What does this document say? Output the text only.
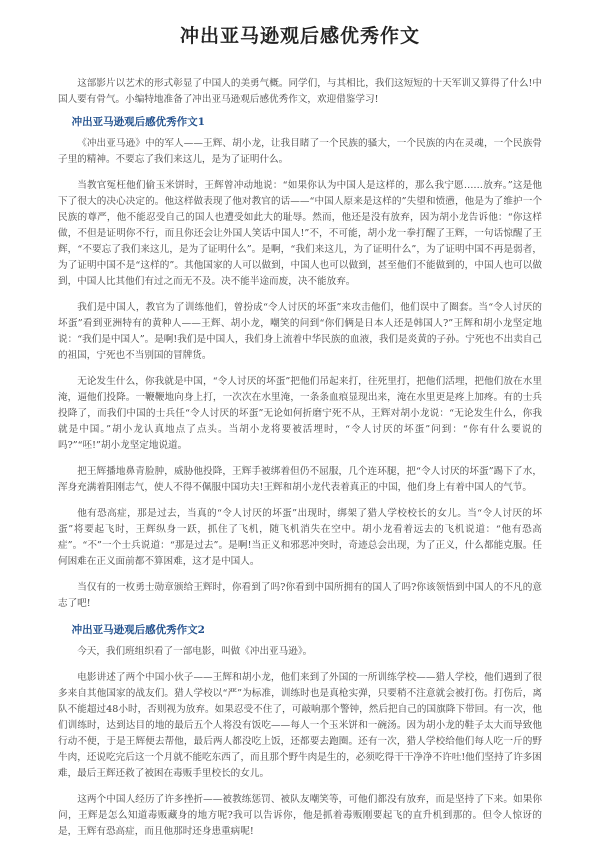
冲出亚马逊观后感优秀作文

这部影片以艺术的形式彰显了中国人的美勇气概。同学们，与其相比，我们这短短的十天军训又算得了什么!中国人要有骨气。小编特地准备了冲出亚马逊观后感优秀作文，欢迎借鉴学习!

冲出亚马逊观后感优秀作文1

《冲出亚马逊》中的军人——王辉、胡小龙，让我目睹了一个民族的骚大，一个民族的内在灵魂，一个民族骨子里的精神。不要忘了我们来这儿，是为了证明什么。

当教官冤枉他们偷玉米饼时，王辉曾冲动地说：“如果你认为中国人是这样的，那么我宁愿……放弃。”这是他下了很大的决心决定的。他这样做表现了他对教官的话——“中国人原来是这样的”失望和愤懑，他是为了维护一个民族的尊严，他不能忍受自己的国人也遭受如此大的耻辱。然而，他还是没有放弃，因为胡小龙告诉他：“你这样做，不但是证明你不行，而且你还会让外国人笑话中国人!”不，不可能，胡小龙一拳打醒了王辉，一句话惊醒了王辉，“不要忘了我们来这儿，是为了证明什么”。是啊，“我们来这儿，为了证明什么”，为了证明中国不再是弱者，为了证明中国不是“这样的”。其他国家的人可以做到，中国人也可以做到，甚至他们不能做到的，中国人也可以做到，中国人比其他们有过之而无不及。决不能半途而废，决不能放弃。

我们是中国人，教官为了训练他们，曾扮成“令人讨厌的坏蛋”来攻击他们，他们误中了圈套。当“令人讨厌的坏蛋”看到亚洲特有的黄种人——王辉、胡小龙，嘲笑的问到“你们俩是日本人还是韩国人?”王辉和胡小龙坚定地说：“我们是中国人”。是啊!我们是中国人，我们身上流着中华民族的血液，我们是炎黄的子孙。宁死也不出卖自己的祖国，宁死也不当别国的冒牌货。

无论发生什么，你我就是中国，“令人讨厌的坏蛋”把他们吊起来打，往死里打，把他们活埋，把他们放在水里淹，逼他们投降。一鞭鞭地向身上打，一次次在水里淹，一条条血痕显现出来，淹在水里更是疼上加疼。有的士兵投降了，而我们中国的士兵任“令人讨厌的坏蛋”无论如何折磨宁死不从，王辉对胡小龙说：“无论发生什么，你我就是中国。”胡小龙认真地点了点头。当胡小龙将要被活埋时，“令人讨厌的坏蛋”问到：“你有什么要说的吗?”“呸!”胡小龙坚定地说道。

把王辉播地鼻青脸肿，威胁他投降，王辉手被绑着但仍不屈服，几个连环腿，把“令人讨厌的坏蛋”踢下了水，浑身充满着阳刚志气，使人不得不佩服中国功夫!王辉和胡小龙代表着真正的中国，他们身上有着中国人的气节。

他有恐高症，那是过去，当真的“令人讨厌的坏蛋”出现时，绑架了猎人学校校长的女儿。当“令人讨厌的坏蛋”将要起飞时，王辉纵身一跃，抓住了飞机，随飞机消失在空中。胡小龙看着远去的飞机说道：“他有恐高症”。“不”一个士兵说道：“那是过去”。是啊!当正义和邪恶冲突时，奇迹总会出现，为了正义，什么都能克服。任何困难在正义面前都不算困难，这才是中国人。

当仅有的一枚勇士勋章颁给王辉时，你看到了吗?你看到中国所拥有的国人了吗?你该领悟到中国人的不凡的意志了吧!

冲出亚马逊观后感优秀作文2

今天，我们班组织看了一部电影，叫做《冲出亚马逊》。

电影讲述了两个中国小伙子——王辉和胡小龙，他们来到了外国的一所训练学校——猎人学校，他们遇到了很多来自其他国家的战友们。猎人学校以“严”为标准，训练时也是真枪实弹，只要稍不注意就会被打伤。打伤后，离队不能超过48小时，否则视为放弃。如果忍受不住了，可敲响那个警钟，然后把自己的国旗降下带回。有一次，他们训练时，达到达目的地的最后五个人将没有饭吃——每人一个玉米饼和一碗汤。因为胡小龙的鞋子太大而导致他行动不便，于是王辉便去帮他，最后两人都没吃上饭，还都要去跑圈。还有一次，猎人学校给他们每人吃一斤的野牛肉，还说吃完后这一个月就不能吃东西了，而且那个野牛肉是生的，必须吃得干干净净不许吐!他们坚持了许多困难，最后王辉还救了被困在毒贩手里校长的女儿。

这两个中国人经历了许多挫折——被教练惩罚、被队友嘲笑等，可他们都没有放弃，而是坚持了下来。如果你问，王辉是怎么知道毒贩藏身的地方呢?我可以告诉你，他是抓着毒贩刚要起飞的直升机到那的。但令人惊讶的是，王辉有恐高症，而且他那时还身患重病呢!
